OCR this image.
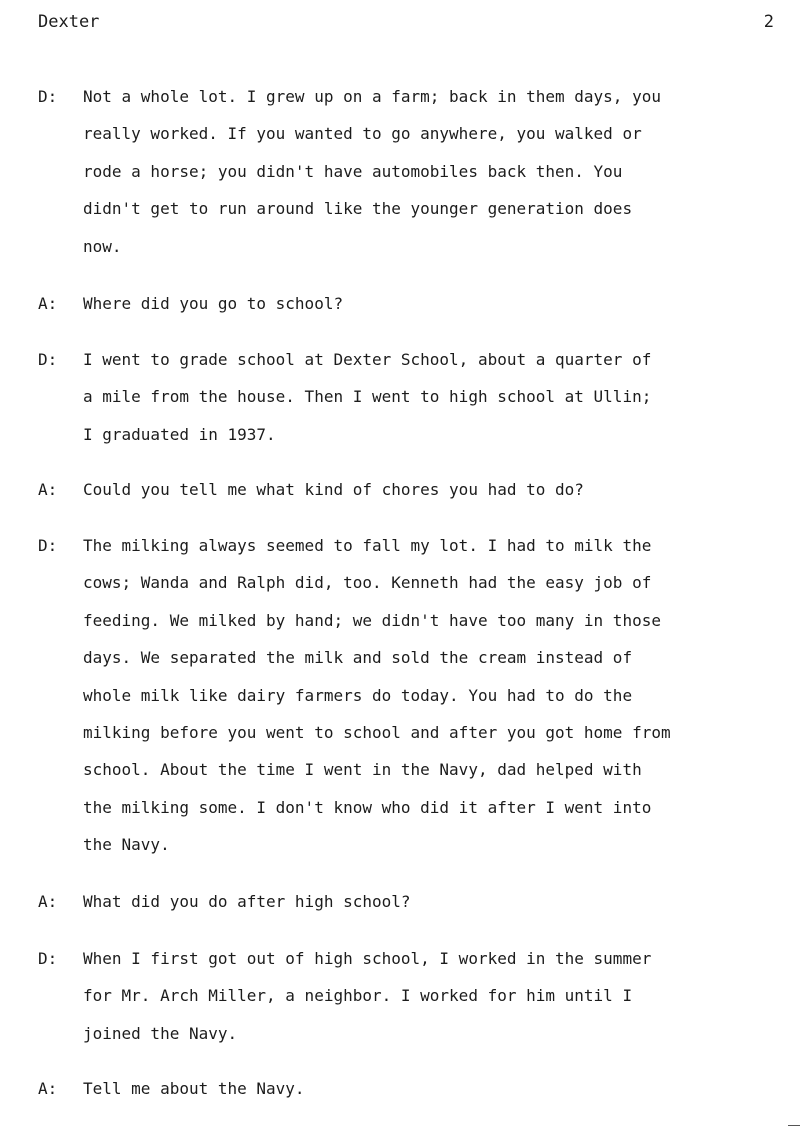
Dexter	2
D: Not a whole lot. I grew up on a farm; back in them days, you
really worked. If you wanted to go anywhere, you walked or
rode a horse; you didn't have automobiles back then. You
didn't get to run around like the younger generation does
now.
A: Where did you go to school?
D: I went to grade school at Dexter School, about a quarter of
a mile from the house. Then I went to high school at Ullin;
I graduated in 1937.
A: Could you tell me what kind of chores you had to do?
D: The milking always seemed to fall my lot. I had to milk the
cows; Wanda and Ralph did, too. Kenneth had the easy job of
feeding. We milked by hand; we didn't have too many in those
days. We separated the milk and sold the cream instead of
whole milk like dairy farmers do today. You had to do the
milking before you went to school and after you got home from
school. About the time I went in the Navy, dad helped with
the milking some. I don't know who did it after I went into
the Navy.
A: What did you do after high school?
D: When I first got out of high school, I worked in the summer
for Mr. Arch Miller, a neighbor. I worked for him until I
joined the Navy.
A: Tell me about the Navy.
